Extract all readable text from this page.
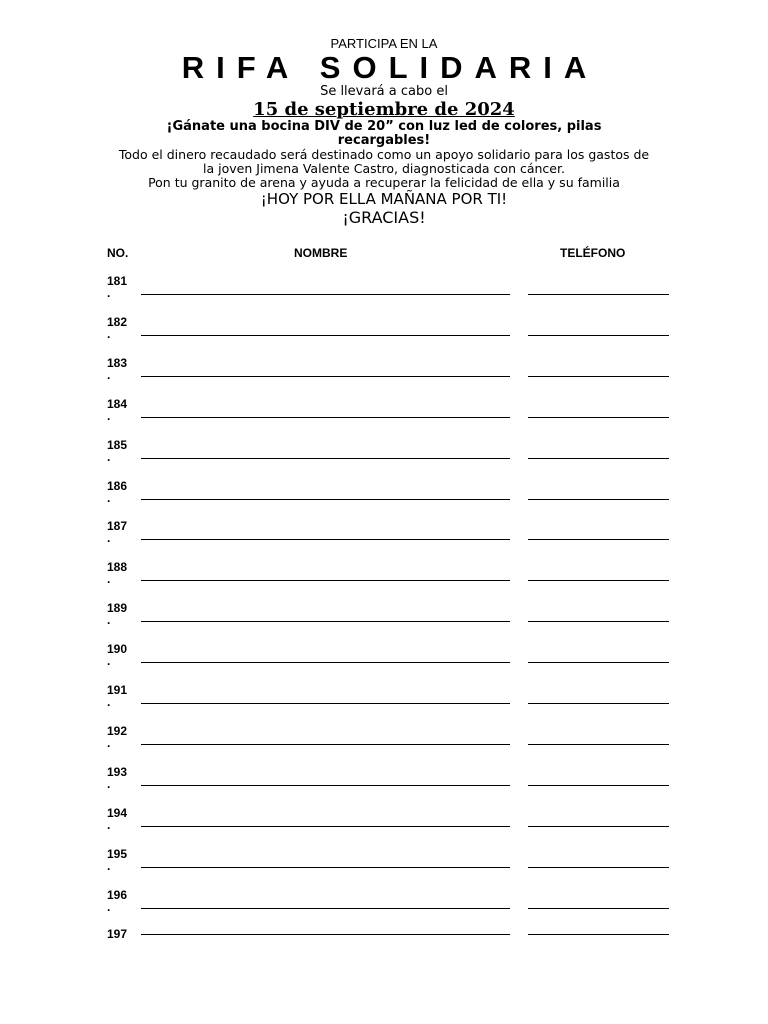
PARTICIPA EN LA

RIFA SOLIDARIA

Se llevará a cabo el

15 de septiembre de 2024

¡Gánate una bocina DIV de 20” con luz led de colores, pilas recargables!

Todo el dinero recaudado será destinado como un apoyo solidario para los gastos de la joven Jimena Valente Castro, diagnosticada con cáncer.

Pon tu granito de arena y ayuda a recuperar la felicidad de ella y su familia

¡HOY POR ELLA MAÑANA POR TI!

¡GRACIAS!

NO.	NOMBRE	TELÉFONO
181
.
182
.
183
.
184
.
185
.
186
.
187
.
188
.
189
.
190
.
191
.
192
.
193
.
194
.
195
.
196
.
197
